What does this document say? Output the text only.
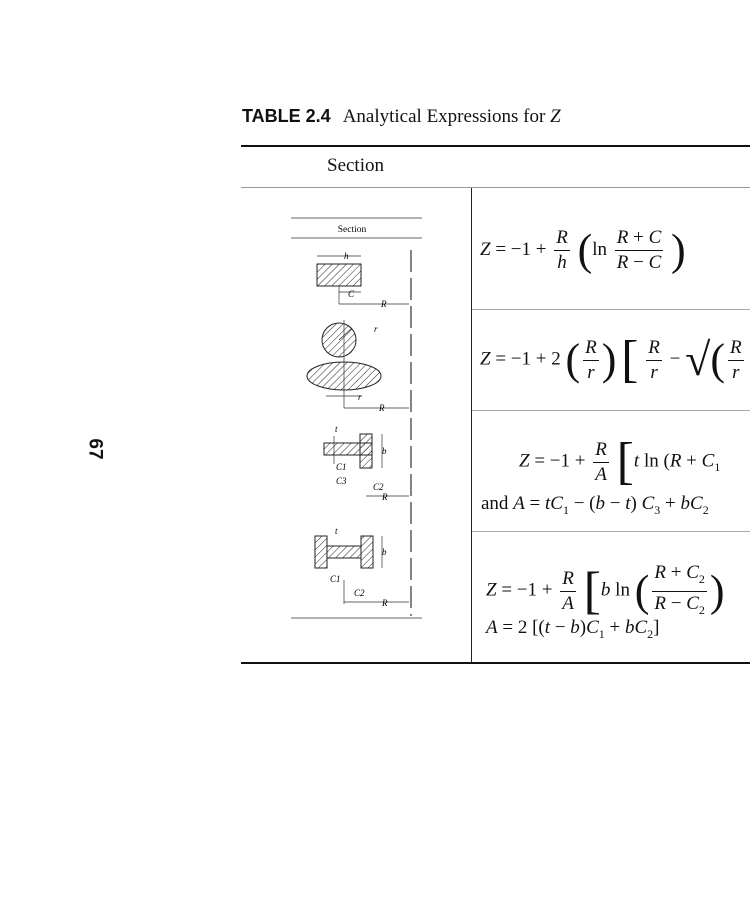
67
TABLE 2.4 Analytical Expressions for Z
Section
Section
h
C
R
r
r
R
t
b
C1
C3
C2
R
t
b
C1
C2
R
$Z = -1 + \frac{R}{h} (\ln \frac{R + C}{R - C}$ )
Z = −1 + 2 ( $\frac{R}{r}$ ) [ $\frac{R}{r}$ − √( $\frac{R}{r}$
$Z = -1 + \frac{R}{A} [t$ $\ln (R + C_1$
and $A = tC_1 - (b - t) C_3 + bC_2$
$Z = -1 + \frac{R}{A} [b$ ln ( $\frac{R + C_2}{R - C_2}$ )
A = 2 $[(t - b)C_1 + bC_2]$
